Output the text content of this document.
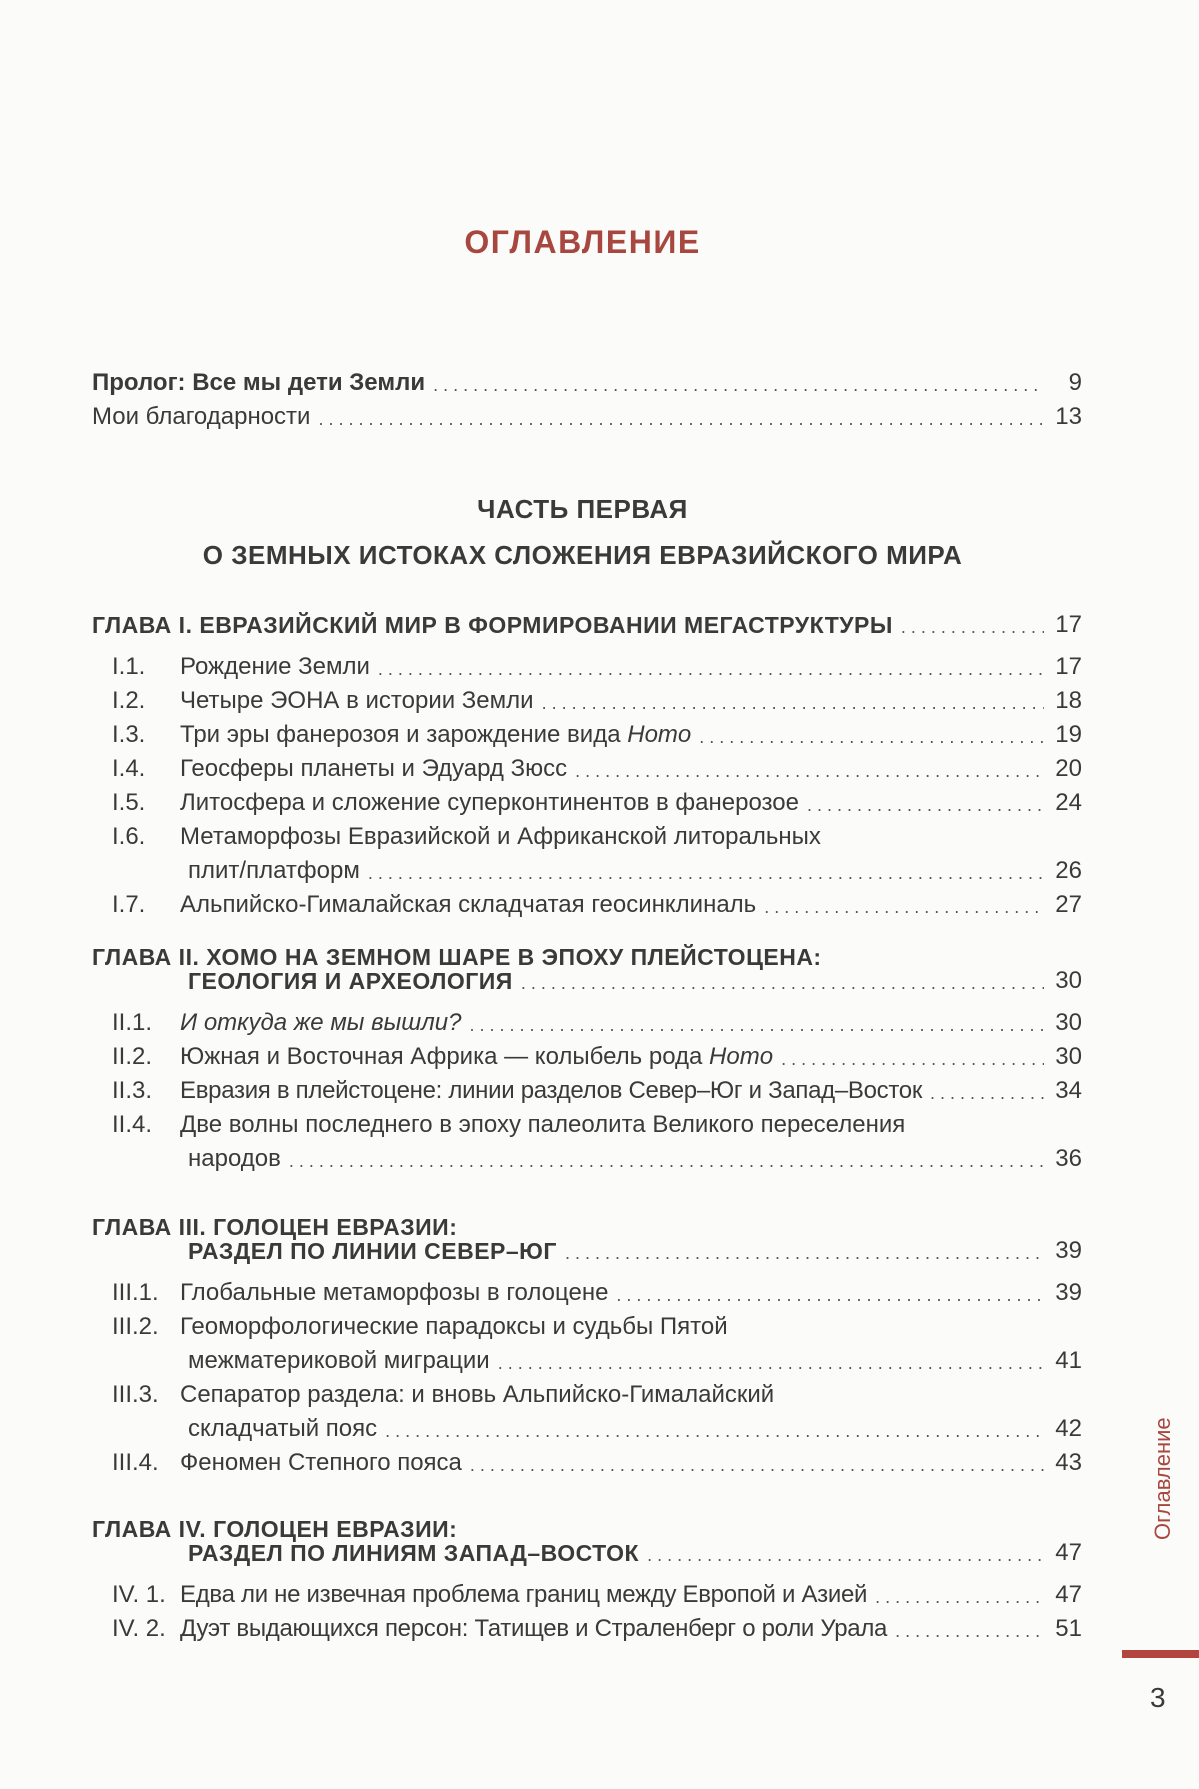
ОГЛАВЛЕНИЕ
Пролог: Все мы дети Земли . . .	9
Мои благодарности . . .	13
ЧАСТЬ ПЕРВАЯ
О ЗЕМНЫХ ИСТОКАХ СЛОЖЕНИЯ ЕВРАЗИЙСКОГО МИРА
ГЛАВА I. ЕВРАЗИЙСКИЙ МИР В ФОРМИРОВАНИИ МЕГАСТРУКТУРЫ . . .	17
I.1.	Рождение Земли . . .	17
I.2.	Четыре ЭОНА в истории Земли . . .	18
I.3.	Три эры фанерозоя и зарождение вида Homo . . .	19
I.4.	Геосферы планеты и Эдуард Зюсс . . .	20
I.5.	Литосфера и сложение суперконтинентов в фанерозое . . .	24
I.6.	Метаморфозы Евразийской и Африканской литоральных
плит/платформ . . .	26
I.7.	Альпийско-Гималайская складчатая геосинклиналь . . .	27
ГЛАВА II. ХОМО НА ЗЕМНОМ ШАРЕ В ЭПОХУ ПЛЕЙСТОЦЕНА:
ГЕОЛОГИЯ И АРХЕОЛОГИЯ . . .	30
II.1.	И откуда же мы вышли? . . .	30
II.2.	Южная и Восточная Африка — колыбель рода Homo . . .	30
II.3.	Евразия в плейстоцене: линии разделов Север–Юг и Запад–Восток . . .	34
II.4.	Две волны последнего в эпоху палеолита Великого переселения
народов . . .	36
ГЛАВА III. ГОЛОЦЕН ЕВРАЗИИ:
РАЗДЕЛ ПО ЛИНИИ СЕВЕР–ЮГ . . .	39
III.1. Глобальные метаморфозы в голоцене . . .	39
III.2. Геоморфологические парадоксы и судьбы Пятой
межматериковой миграции . . .	41
III.3. Сепаратор раздела: и вновь Альпийско-Гималайский
складчатый пояс . . .	42
III.4. Феномен Степного пояса . . .	43
ГЛАВА IV. ГОЛОЦЕН ЕВРАЗИИ:
РАЗДЕЛ ПО ЛИНИЯМ ЗАПАД–ВОСТОК . . .	47
IV. 1. Едва ли не извечная проблема границ между Европой и Азией . . .	47
IV. 2. Дуэт выдающихся персон: Татищев и Страленберг о роли Урала . . .	51
Оглавление
3
